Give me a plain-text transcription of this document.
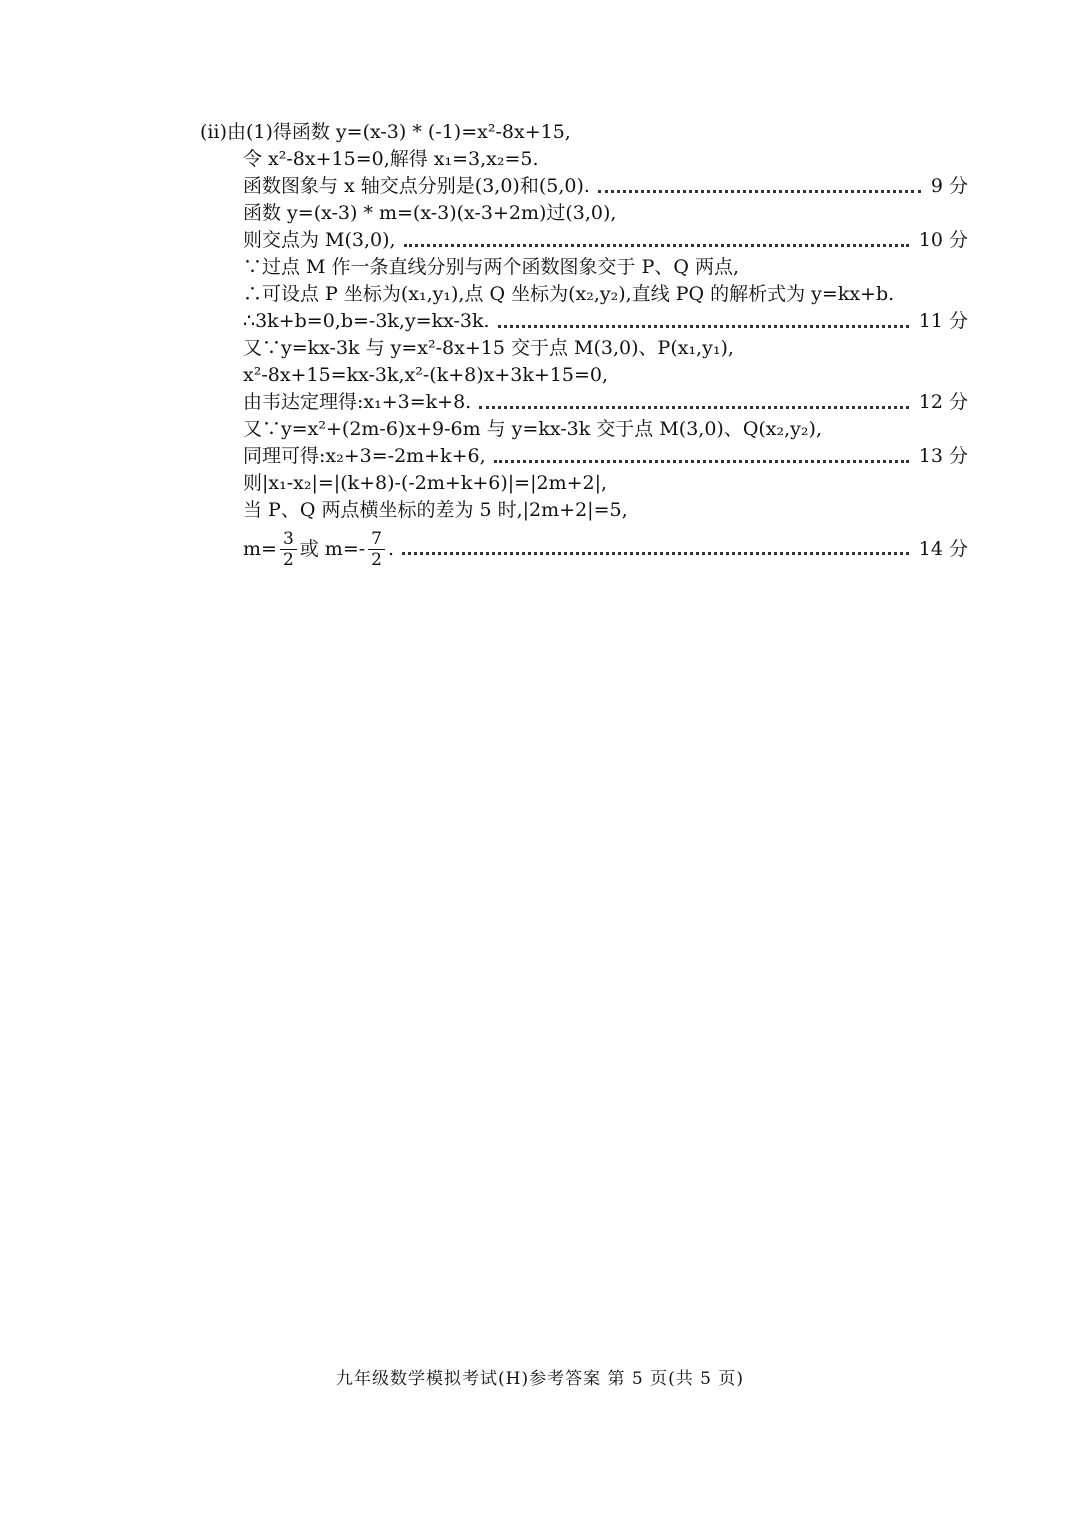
(ⅱ)由(1)得函数 y=(x-3) * (-1)=x²-8x+15,
令 x²-8x+15=0,解得 x₁=3,x₂=5.
函数图象与 x 轴交点分别是(3,0)和(5,0).	9 分
函数 y=(x-3) * m=(x-3)(x-3+2m)过(3,0),
则交点为 M(3,0),	10 分
∵过点 M 作一条直线分别与两个函数图象交于 P、Q 两点,
∴可设点 P 坐标为(x₁,y₁),点 Q 坐标为(x₂,y₂),直线 PQ 的解析式为 y=kx+b.
∴3k+b=0,b=-3k,y=kx-3k.	11 分
又∵y=kx-3k 与 y=x²-8x+15 交于点 M(3,0)、P(x₁,y₁),
x²-8x+15=kx-3k,x²-(k+8)x+3k+15=0,
由韦达定理得:x₁+3=k+8.	12 分
又∵y=x²+(2m-6)x+9-6m 与 y=kx-3k 交于点 M(3,0)、Q(x₂,y₂),
同理可得:x₂+3=-2m+k+6,	13 分
则|x₁-x₂|=|(k+8)-(-2m+k+6)|=|2m+2|,
当 P、Q 两点横坐标的差为 5 时,|2m+2|=5,
$m= \frac{3}{2}$ 或 $m=- \frac{7}{2}$ .	14 分
九年级数学模拟考试(H)参考答案 第 5 页(共 5 页)
